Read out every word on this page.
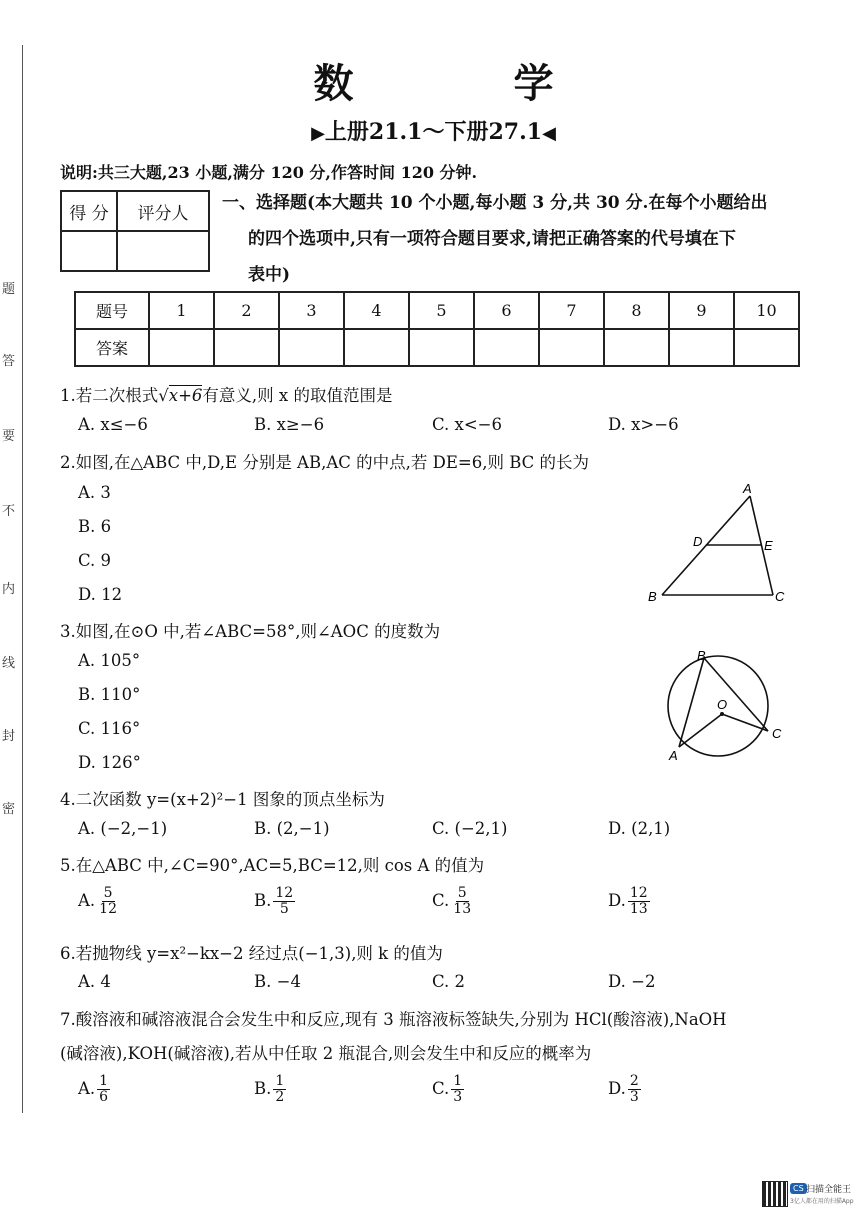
题
答
要
不
内
线
封
密
数　学
▶上册21.1～下册27.1◀
说明:共三大题,23 小题,满分 120 分,作答时间 120 分钟.
得 分	评分人

一、选择题(本大题共 10 个小题,每小题 3 分,共 30 分.在每个小题给出
的四个选项中,只有一项符合题目要求,请把正确答案的代号填在下
表中)
题号	1	2	3	4	5	6	7	8	9	10
答案										
1.若二次根式√x+6有意义,则 x 的取值范围是
A. x≤−6	B. x≥−6	C. x<−6	D. x>−6
2.如图,在△ABC 中,D,E 分别是 AB,AC 的中点,若 DE=6,则 BC 的长为
A. 3
B. 6
C. 9
D. 12
A
D	E
B	C
3.如图,在⊙O 中,若∠ABC=58°,则∠AOC 的度数为
A. 105°
B. 110°
C. 116°
D. 126°
B
O
C
A
4.二次函数 y=(x+2)²−1 图象的顶点坐标为
A. (−2,−1)	B. (2,−1)	C. (−2,1)	D. (2,1)
5.在△ABC 中,∠C=90°,AC=5,BC=12,则 cos A 的值为
A. $\frac{5}{12}$	B. $\frac{12}{5}$	C. $\frac{5}{13}$	D. $\frac{12}{13}$
6.若抛物线 y=x²−kx−2 经过点(−1,3),则 k 的值为
A. 4	B. −4	C. 2	D. −2
7.酸溶液和碱溶液混合会发生中和反应,现有 3 瓶溶液标签缺失,分别为 HCl(酸溶液),NaOH
(碱溶液),KOH(碱溶液),若从中任取 2 瓶混合,则会发生中和反应的概率为
A. $\frac{1}{6}$	B. $\frac{1}{2}$	C. $\frac{1}{3}$	D. $\frac{2}{3}$
CS 扫描全能王
3亿人都在用的扫描App
